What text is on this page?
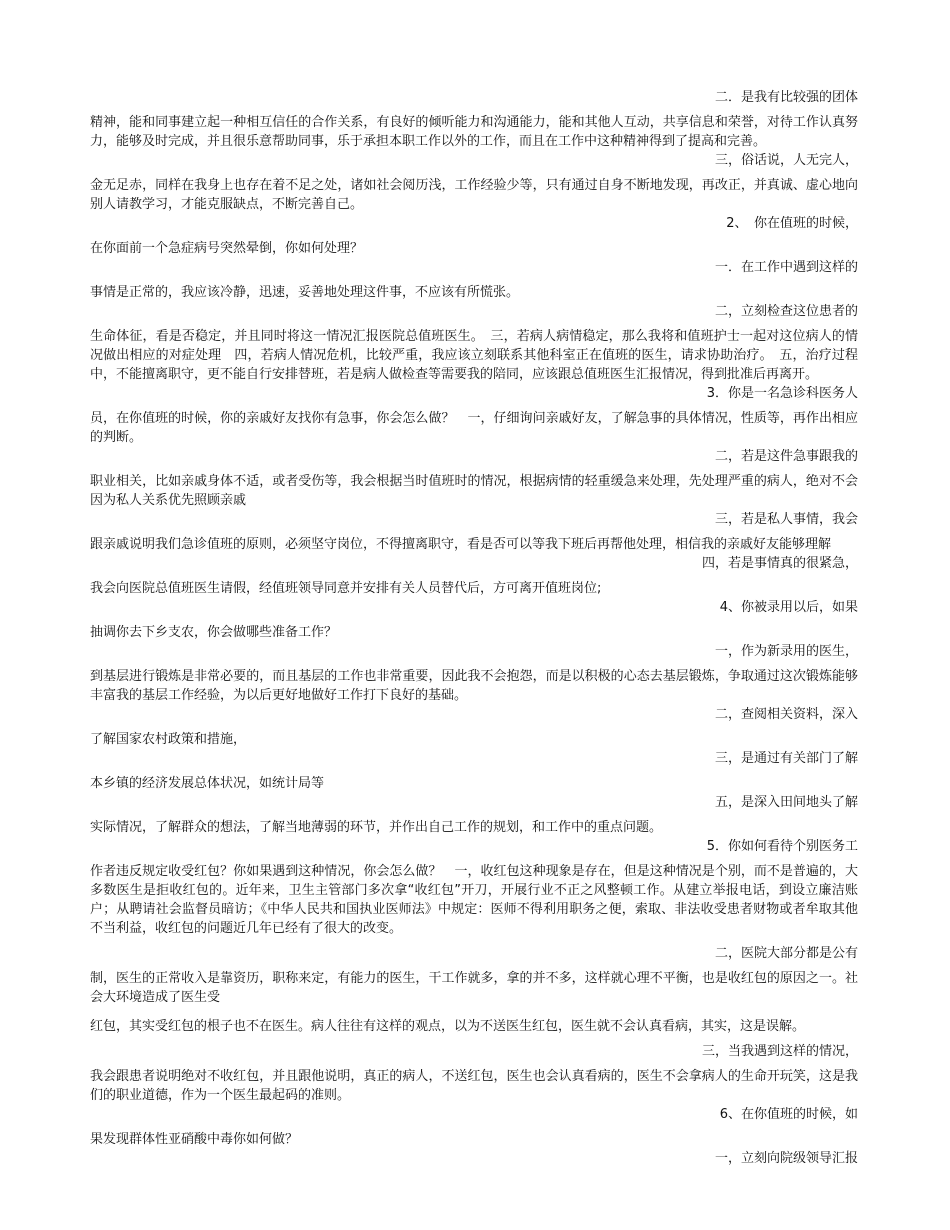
二．是我有比较强的团体
精神，能和同事建立起一种相互信任的合作关系，有良好的倾听能力和沟通能力，能和其他人互动，共享信息和荣誉，对待工作认真努力，能够及时完成，并且很乐意帮助同事，乐于承担本职工作以外的工作，而且在工作中这种精神得到了提高和完善。
三，俗话说，人无完人，
金无足赤，同样在我身上也存在着不足之处，诸如社会阅历浅，工作经验少等，只有通过自身不断地发现，再改正，并真诚、虚心地向别人请教学习，才能克服缺点，不断完善自己。
2、　你在值班的时候，
在你面前一个急症病号突然晕倒，你如何处理？
一．在工作中遇到这样的
事情是正常的，我应该冷静，迅速，妥善地处理这件事，不应该有所慌张。
二，立刻检查这位患者的
生命体征，看是否稳定，并且同时将这一情况汇报医院总值班医生。　三，若病人病情稳定，那么我将和值班护士一起对这位病人的情况做出相应的对症处理　四，若病人情况危机，比较严重，我应该立刻联系其他科室正在值班的医生，请求协助治疗。　五，治疗过程中，不能擅离职守，更不能自行安排替班，若是病人做检查等需要我的陪同，应该跟总值班医生汇报情况，得到批准后再离开。
3．你是一名急诊科医务人
员，在你值班的时候，你的亲戚好友找你有急事，你会怎么做？　一，仔细询问亲戚好友，了解急事的具体情况，性质等，再作出相应的判断。
二，若是这件急事跟我的
职业相关，比如亲戚身体不适，或者受伤等，我会根据当时值班时的情况，根据病情的轻重缓急来处理，先处理严重的病人，绝对不会因为私人关系优先照顾亲戚
三，若是私人事情，我会
跟亲戚说明我们急诊值班的原则，必须坚守岗位，不得擅离职守，看是否可以等我下班后再帮他处理，相信我的亲戚好友能够理解
四，若是事情真的很紧急，
我会向医院总值班医生请假，经值班领导同意并安排有关人员替代后，方可离开值班岗位;
4、你被录用以后，如果
抽调你去下乡支农，你会做哪些准备工作？
一，作为新录用的医生，
到基层进行锻炼是非常必要的，而且基层的工作也非常重要，因此我不会抱怨，而是以积极的心态去基层锻炼，争取通过这次锻炼能够丰富我的基层工作经验，为以后更好地做好工作打下良好的基础。
二，查阅相关资料，深入
了解国家农村政策和措施，
三，是通过有关部门了解
本乡镇的经济发展总体状况，如统计局等
五，是深入田间地头了解
实际情况，了解群众的想法，了解当地薄弱的环节，并作出自己工作的规划，和工作中的重点问题。
5．你如何看待个别医务工
作者违反规定收受红包？你如果遇到这种情况，你会怎么做？　一，收红包这种现象是存在，但是这种情况是个别，而不是普遍的，大多数医生是拒收红包的。近年来，卫生主管部门多次拿“收红包”开刀，开展行业不正之风整顿工作。从建立举报电话，到设立廉洁账户；从聘请社会监督员暗访；《中华人民共和国执业医师法》中规定：医师不得利用职务之便，索取、非法收受患者财物或者牟取其他不当利益，收红包的问题近几年已经有了很大的改变。
二，医院大部分都是公有
制，医生的正常收入是靠资历，职称来定，有能力的医生，干工作就多，拿的并不多，这样就心理不平衡，也是收红包的原因之一。社会大环境造成了医生受
红包，其实受红包的根子也不在医生。病人往往有这样的观点，以为不送医生红包，医生就不会认真看病，其实，这是误解。
三，当我遇到这样的情况，
我会跟患者说明绝对不收红包，并且跟他说明，真正的病人，不送红包，医生也会认真看病的，医生不会拿病人的生命开玩笑，这是我们的职业道德，作为一个医生最起码的准则。
6、在你值班的时候，如
果发现群体性亚硝酸中毒你如何做？
一，立刻向院级领导汇报
